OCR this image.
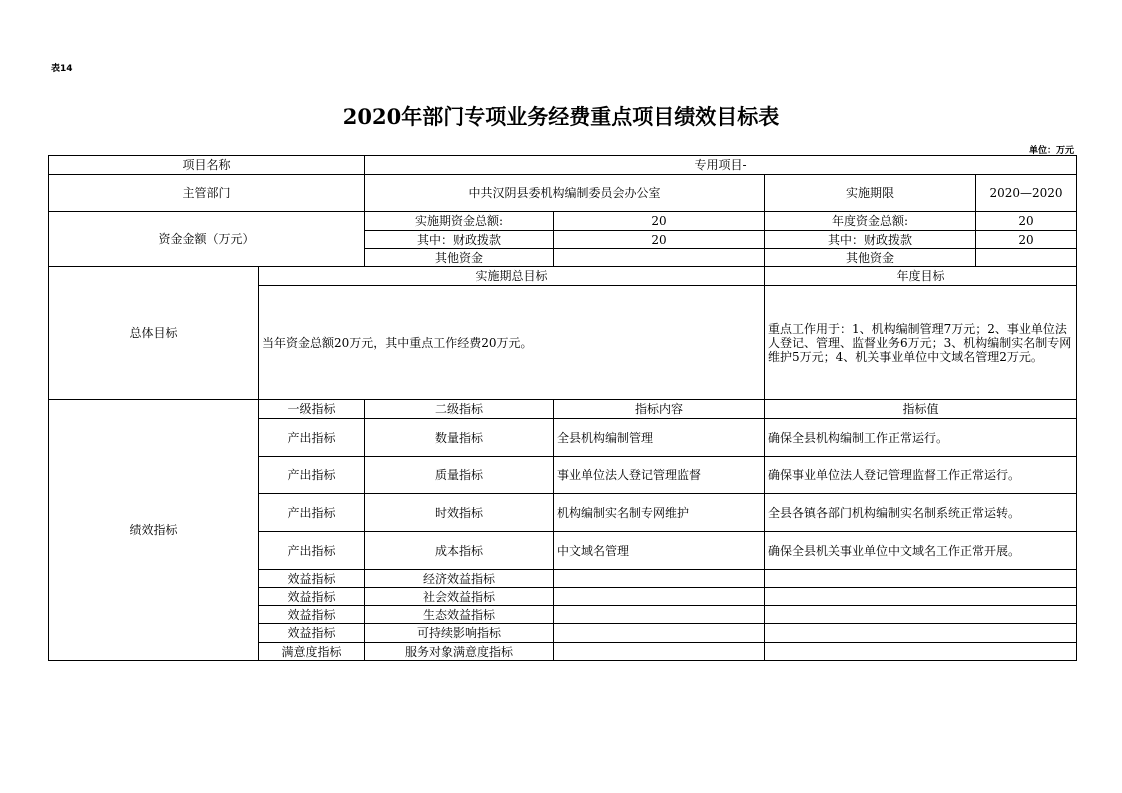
表14
2020年部门专项业务经费重点项目绩效目标表
单位：万元
项目名称		专用项目-			
主管部门		中共汉阴县委机构编制委员会办公室		实施期限	2020—2020
资金金额（万元）		实施期资金总额:	20	年度资金总额:	20
		其中：财政拨款	20	其中：财政拨款	20
		其他资金		其他资金	
总体目标	实施期总目标			年度目标	
	当年资金总额20万元，其中重点工作经费20万元。			重点工作用于：1、机构编制管理7万元；2、事业单位法人登记、管理、监督业务6万元；3、机构编制实名制专网维护5万元；4、机关事业单位中文域名管理2万元。	
绩效指标	一级指标	二级指标	指标内容	指标值	
	产出指标	数量指标	全县机构编制管理	确保全县机构编制工作正常运行。	
	产出指标	质量指标	事业单位法人登记管理监督	确保事业单位法人登记管理监督工作正常运行。	
	产出指标	时效指标	机构编制实名制专网维护	全县各镇各部门机构编制实名制系统正常运转。	
	产出指标	成本指标	中文域名管理	确保全县机关事业单位中文域名工作正常开展。	
	效益指标	经济效益指标			
	效益指标	社会效益指标			
	效益指标	生态效益指标			
	效益指标	可持续影响指标			
	满意度指标	服务对象满意度指标			
